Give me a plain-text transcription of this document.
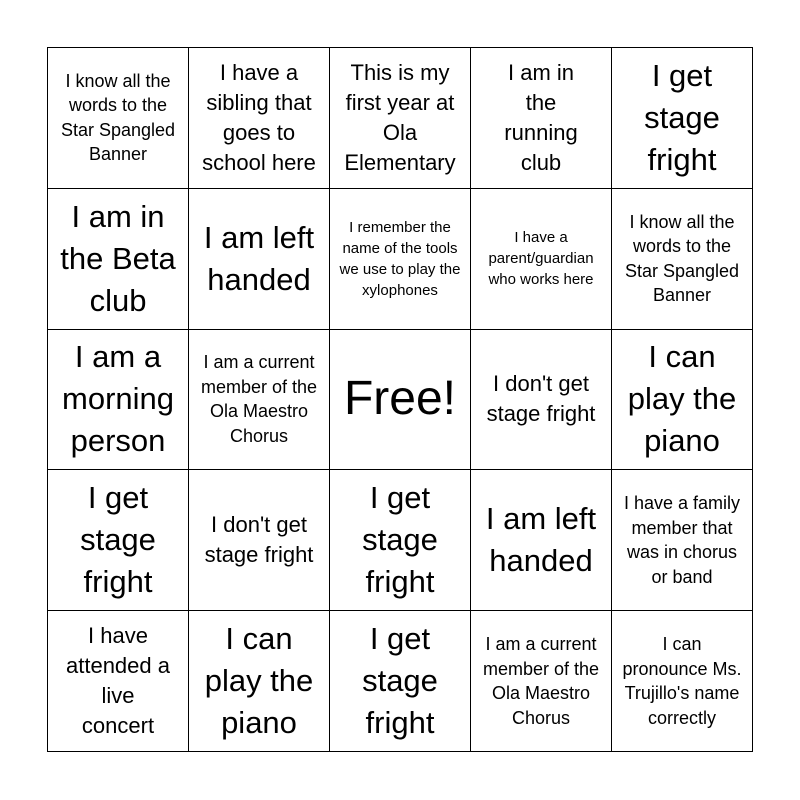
I know all the words to the Star Spangled Banner
I have a sibling that goes to school here
This is my first year at Ola Elementary
I am in the running club
I get stage fright
I am in the Beta club
I am left handed
I remember the name of the tools we use to play the xylophones
I have a parent/guardian who works here
I know all the words to the Star Spangled Banner
I am a morning person
I am a current member of the Ola Maestro Chorus
Free!	I don't get stage fright
I can play the piano
I get stage fright
I don't get stage fright
I get stage fright
I am left handed
I have a family member that was in chorus or band
I have attended a live concert
I can play the piano
I get stage fright
I am a current member of the Ola Maestro Chorus
I can pronounce Ms. Trujillo's name correctly
